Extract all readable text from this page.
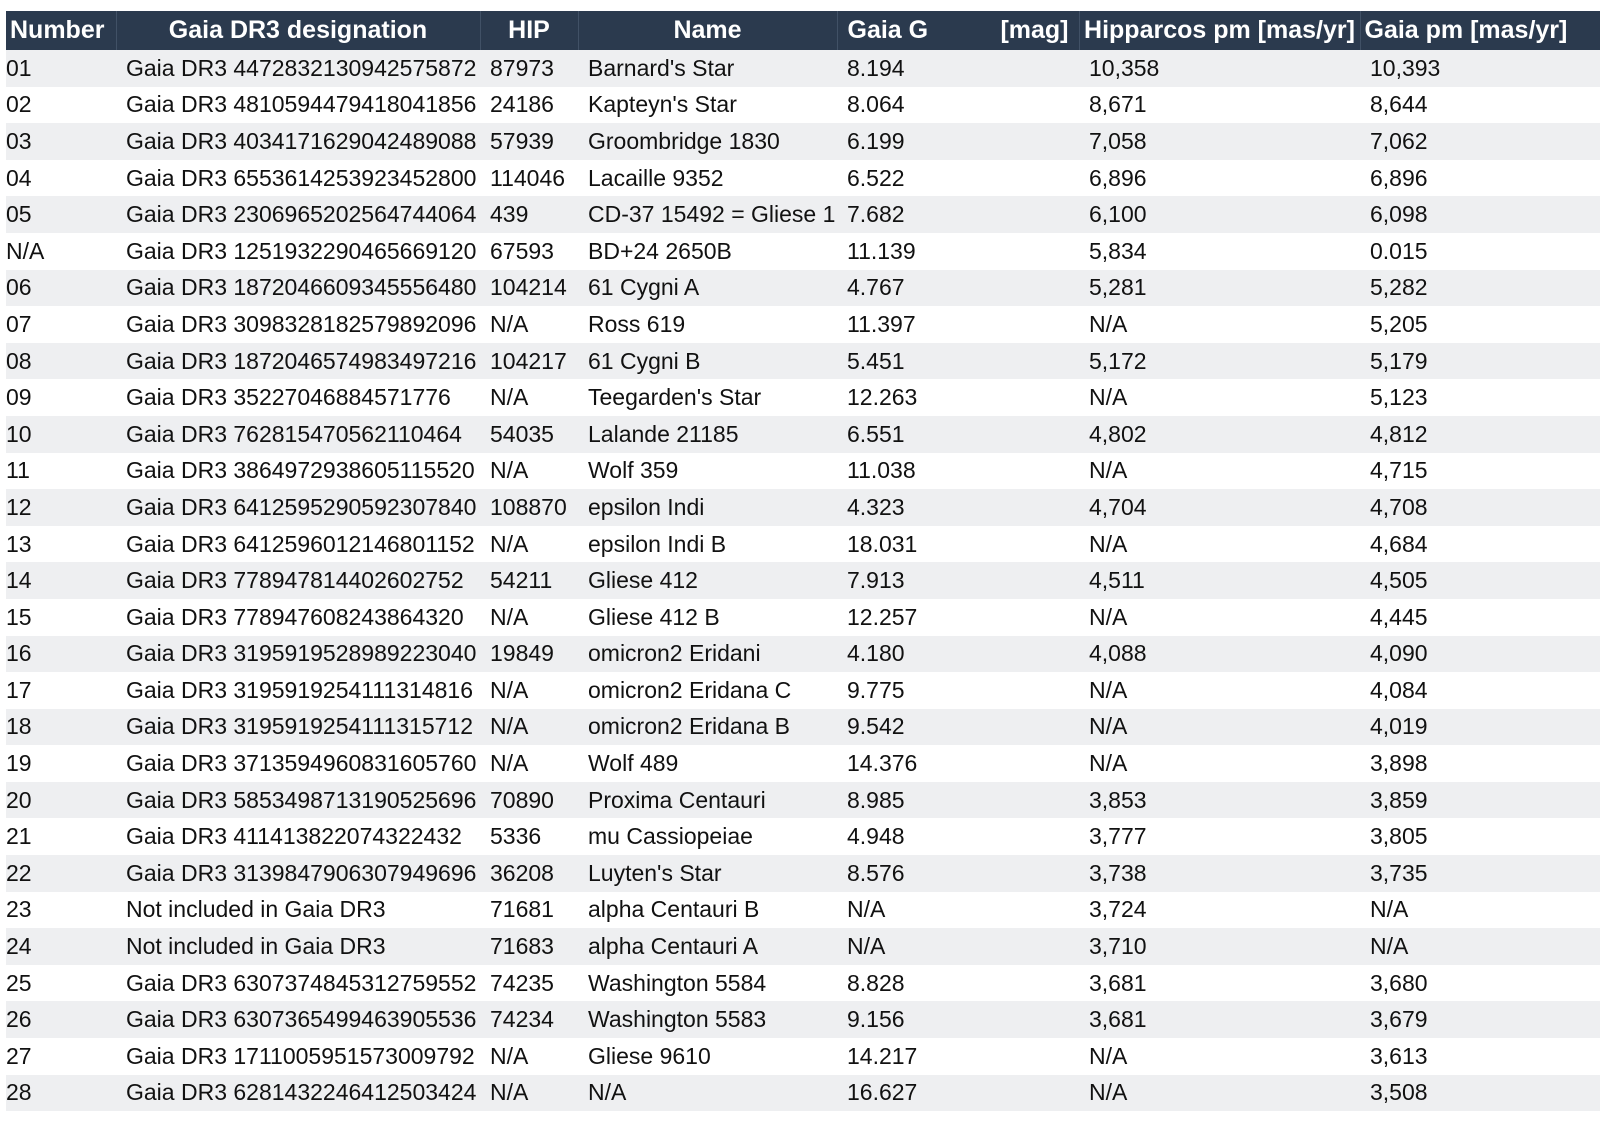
Number	Gaia DR3 designation	HIP	Name	Gaia G [mag]	Hipparcos pm [mas/yr]	Gaia pm [mas/yr]
01	Gaia DR3 4472832130942575872	87973	Barnard's Star	8.194	10,358	10,393
02	Gaia DR3 4810594479418041856	24186	Kapteyn's Star	8.064	8,671	8,644
03	Gaia DR3 4034171629042489088	57939	Groombridge 1830	6.199	7,058	7,062
04	Gaia DR3 6553614253923452800	114046	Lacaille 9352	6.522	6,896	6,896
05	Gaia DR3 2306965202564744064	439	CD-37 15492 = Gliese 1	7.682	6,100	6,098
N/A	Gaia DR3 1251932290465669120	67593	BD+24 2650B	11.139	5,834	0.015
06	Gaia DR3 1872046609345556480	104214	61 Cygni A	4.767	5,281	5,282
07	Gaia DR3 3098328182579892096	N/A	Ross 619	11.397	N/A	5,205
08	Gaia DR3 1872046574983497216	104217	61 Cygni B	5.451	5,172	5,179
09	Gaia DR3 35227046884571776	N/A	Teegarden's Star	12.263	N/A	5,123
10	Gaia DR3 762815470562110464	54035	Lalande 21185	6.551	4,802	4,812
11	Gaia DR3 3864972938605115520	N/A	Wolf 359	11.038	N/A	4,715
12	Gaia DR3 6412595290592307840	108870	epsilon Indi	4.323	4,704	4,708
13	Gaia DR3 6412596012146801152	N/A	epsilon Indi B	18.031	N/A	4,684
14	Gaia DR3 778947814402602752	54211	Gliese 412	7.913	4,511	4,505
15	Gaia DR3 778947608243864320	N/A	Gliese 412 B	12.257	N/A	4,445
16	Gaia DR3 3195919528989223040	19849	omicron2 Eridani	4.180	4,088	4,090
17	Gaia DR3 3195919254111314816	N/A	omicron2 Eridana C	9.775	N/A	4,084
18	Gaia DR3 3195919254111315712	N/A	omicron2 Eridana B	9.542	N/A	4,019
19	Gaia DR3 3713594960831605760	N/A	Wolf 489	14.376	N/A	3,898
20	Gaia DR3 5853498713190525696	70890	Proxima Centauri	8.985	3,853	3,859
21	Gaia DR3 411413822074322432	5336	mu Cassiopeiae	4.948	3,777	3,805
22	Gaia DR3 3139847906307949696	36208	Luyten's Star	8.576	3,738	3,735
23	Not included in Gaia DR3	71681	alpha Centauri B	N/A	3,724	N/A
24	Not included in Gaia DR3	71683	alpha Centauri A	N/A	3,710	N/A
25	Gaia DR3 6307374845312759552	74235	Washington 5584	8.828	3,681	3,680
26	Gaia DR3 6307365499463905536	74234	Washington 5583	9.156	3,681	3,679
27	Gaia DR3 1711005951573009792	N/A	Gliese 9610	14.217	N/A	3,613
28	Gaia DR3 6281432246412503424	N/A	N/A	16.627	N/A	3,508
